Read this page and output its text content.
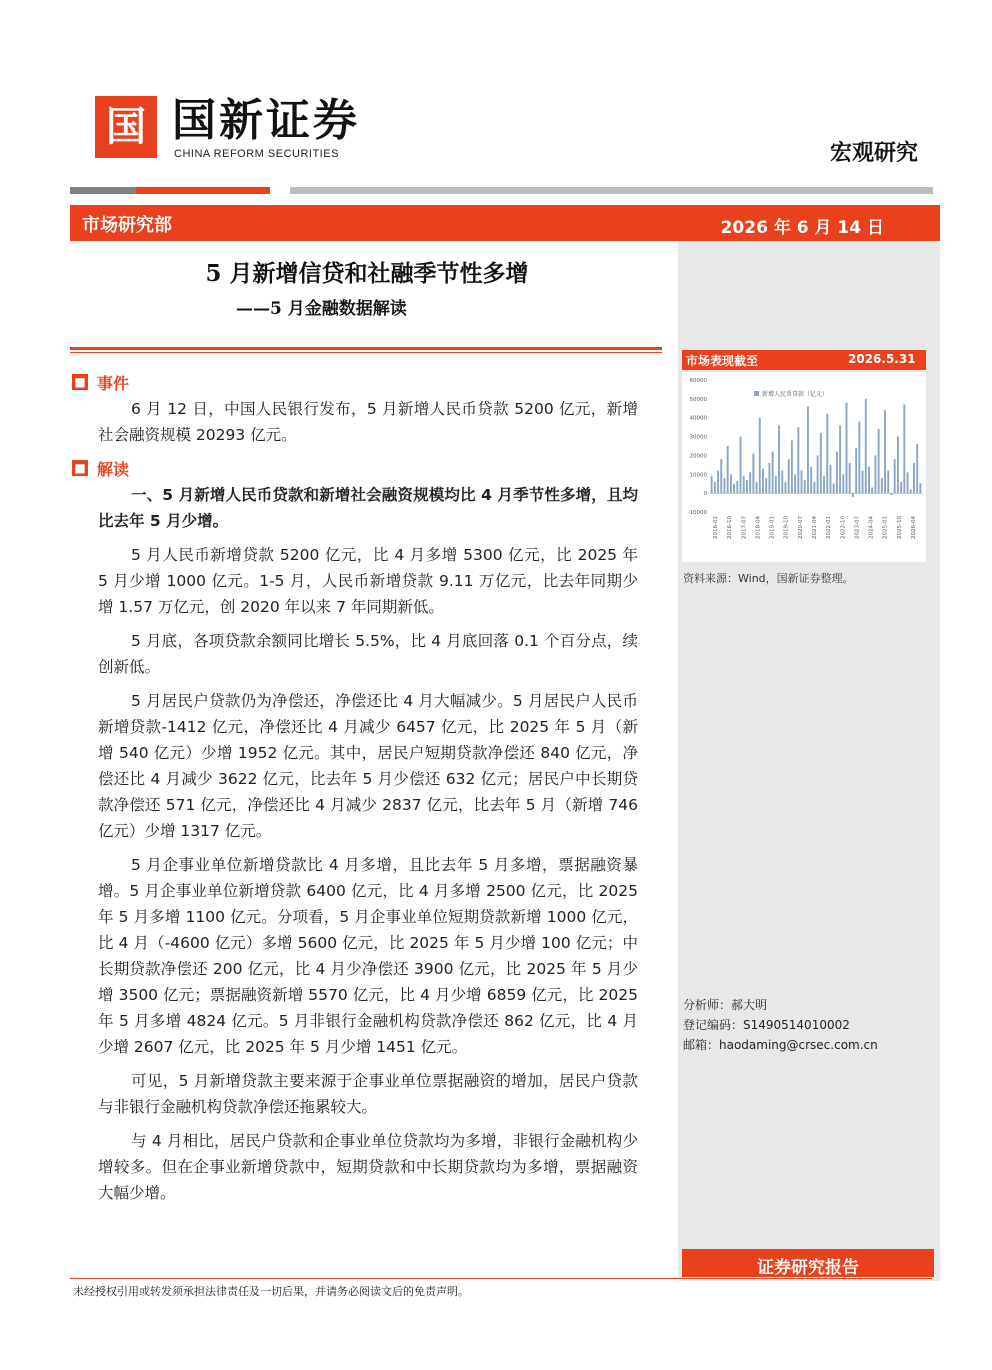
国 国新证券
CHINA REFORM SECURITIES	宏观研究
市场研究部	2026 年 6 月 14 日
5 月新增信贷和社融季节性多增
——5 月金融数据解读
■ 事件

6 月 12 日，中国人民银行发布，5 月新增人民币贷款 5200 亿元，新增社会融资规模 20293 亿元。

■ 解读

一、5 月新增人民币贷款和新增社会融资规模均比 4 月季节性多增，且均比去年 5 月少增。

5 月人民币新增贷款 5200 亿元，比 4 月多增 5300 亿元，比 2025 年 5 月少增 1000 亿元。1-5 月，人民币新增贷款 9.11 万亿元，比去年同期少增 1.57 万亿元，创 2020 年以来 7 年同期新低。

5 月底，各项贷款余额同比增长 5.5%，比 4 月底回落 0.1 个百分点，续创新低。

5 月居民户贷款仍为净偿还，净偿还比 4 月大幅减少。5 月居民户人民币新增贷款-1412 亿元，净偿还比 4 月减少 6457 亿元，比 2025 年 5 月（新增 540 亿元）少增 1952 亿元。其中，居民户短期贷款净偿还 840 亿元，净偿还比 4 月减少 3622 亿元，比去年 5 月少偿还 632 亿元；居民户中长期贷款净偿还 571 亿元，净偿还比 4 月减少 2837 亿元，比去年 5 月（新增 746 亿元）少增 1317 亿元。

5 月企事业单位新增贷款比 4 月多增，且比去年 5 月多增，票据融资暴增。5 月企事业单位新增贷款 6400 亿元，比 4 月多增 2500 亿元，比 2025 年 5 月多增 1100 亿元。分项看，5 月企事业单位短期贷款新增 1000 亿元，比 4 月（-4600 亿元）多增 5600 亿元，比 2025 年 5 月少增 100 亿元；中长期贷款净偿还 200 亿元，比 4 月少净偿还 3900 亿元，比 2025 年 5 月少增 3500 亿元；票据融资新增 5570 亿元，比 4 月少增 6859 亿元，比 2025 年 5 月多增 4824 亿元。5 月非银行金融机构贷款净偿还 862 亿元，比 4 月少增 2607 亿元，比 2025 年 5 月少增 1451 亿元。

可见，5 月新增贷款主要来源于企事业单位票据融资的增加，居民户贷款与非银行金融机构贷款净偿还拖累较大。

与 4 月相比，居民户贷款和企事业单位贷款均为多增，非银行金融机构少增较多。但在企事业新增贷款中，短期贷款和中长期贷款均为多增，票据融资大幅少增。

市场表现截至	2026.5.31
60000
50000
40000
30000
20000
10000
0
-10000
新增人民币贷款（亿元）
2016-01 2016-10 2017-07 2018-04 2019-01 2019-10 2020-07 2021-04 2022-01 2022-10 2023-07 2024-04 2025-01 2025-10 2026-04
资料来源：Wind，国新证券整理。
分析师：郝大明
登记编码：S1490514010002
邮箱：haodaming@crsec.com.cn
证券研究报告
未经授权引用或转发须承担法律责任及一切后果，并请务必阅读文后的免责声明。
